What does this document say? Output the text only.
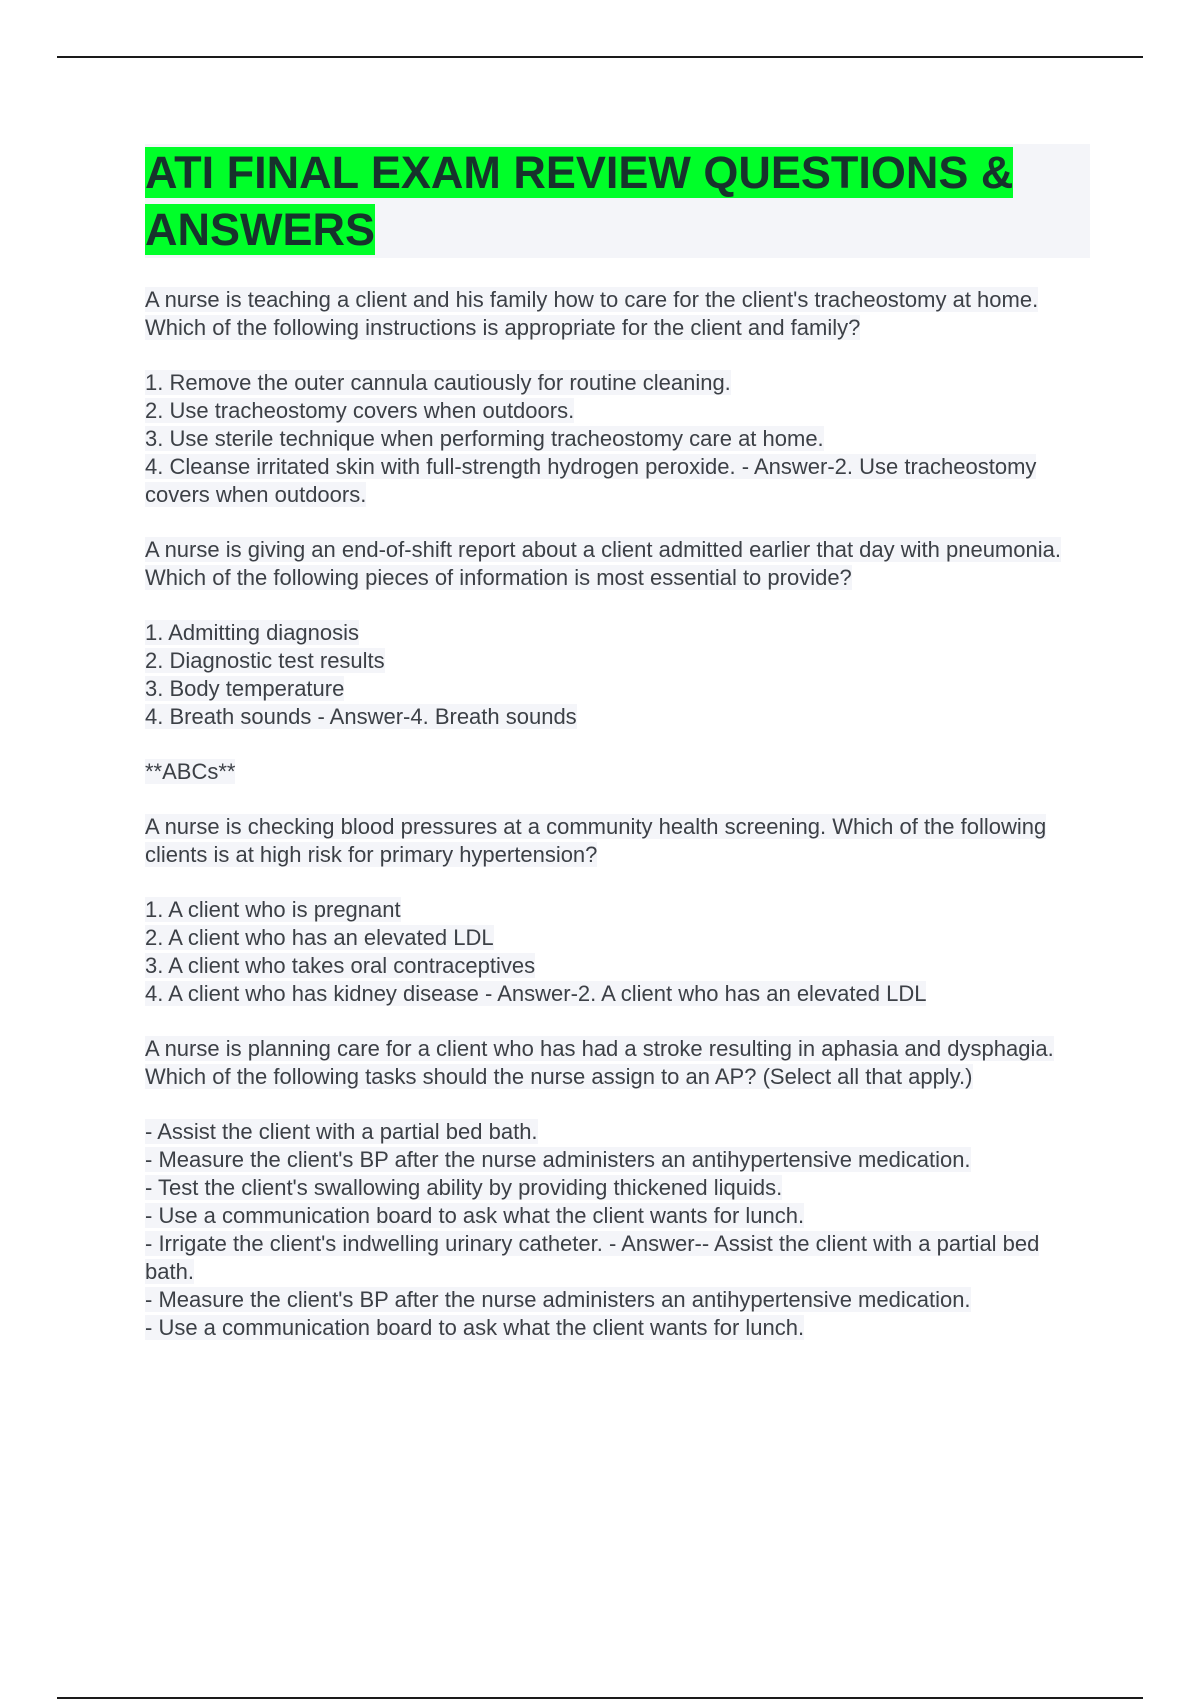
ATI FINAL EXAM REVIEW QUESTIONS & ANSWERS
A nurse is teaching a client and his family how to care for the client's tracheostomy at home. Which of the following instructions is appropriate for the client and family?
1. Remove the outer cannula cautiously for routine cleaning.
2. Use tracheostomy covers when outdoors.
3. Use sterile technique when performing tracheostomy care at home.
4. Cleanse irritated skin with full-strength hydrogen peroxide. - Answer-2. Use tracheostomy covers when outdoors.
A nurse is giving an end-of-shift report about a client admitted earlier that day with pneumonia. Which of the following pieces of information is most essential to provide?
1. Admitting diagnosis
2. Diagnostic test results
3. Body temperature
4. Breath sounds - Answer-4. Breath sounds
**ABCs**
A nurse is checking blood pressures at a community health screening. Which of the following clients is at high risk for primary hypertension?
1. A client who is pregnant
2. A client who has an elevated LDL
3. A client who takes oral contraceptives
4. A client who has kidney disease - Answer-2. A client who has an elevated LDL
A nurse is planning care for a client who has had a stroke resulting in aphasia and dysphagia. Which of the following tasks should the nurse assign to an AP? (Select all that apply.)
- Assist the client with a partial bed bath.
- Measure the client's BP after the nurse administers an antihypertensive medication.
- Test the client's swallowing ability by providing thickened liquids.
- Use a communication board to ask what the client wants for lunch.
- Irrigate the client's indwelling urinary catheter. - Answer-- Assist the client with a partial bed bath.
- Measure the client's BP after the nurse administers an antihypertensive medication.
- Use a communication board to ask what the client wants for lunch.
